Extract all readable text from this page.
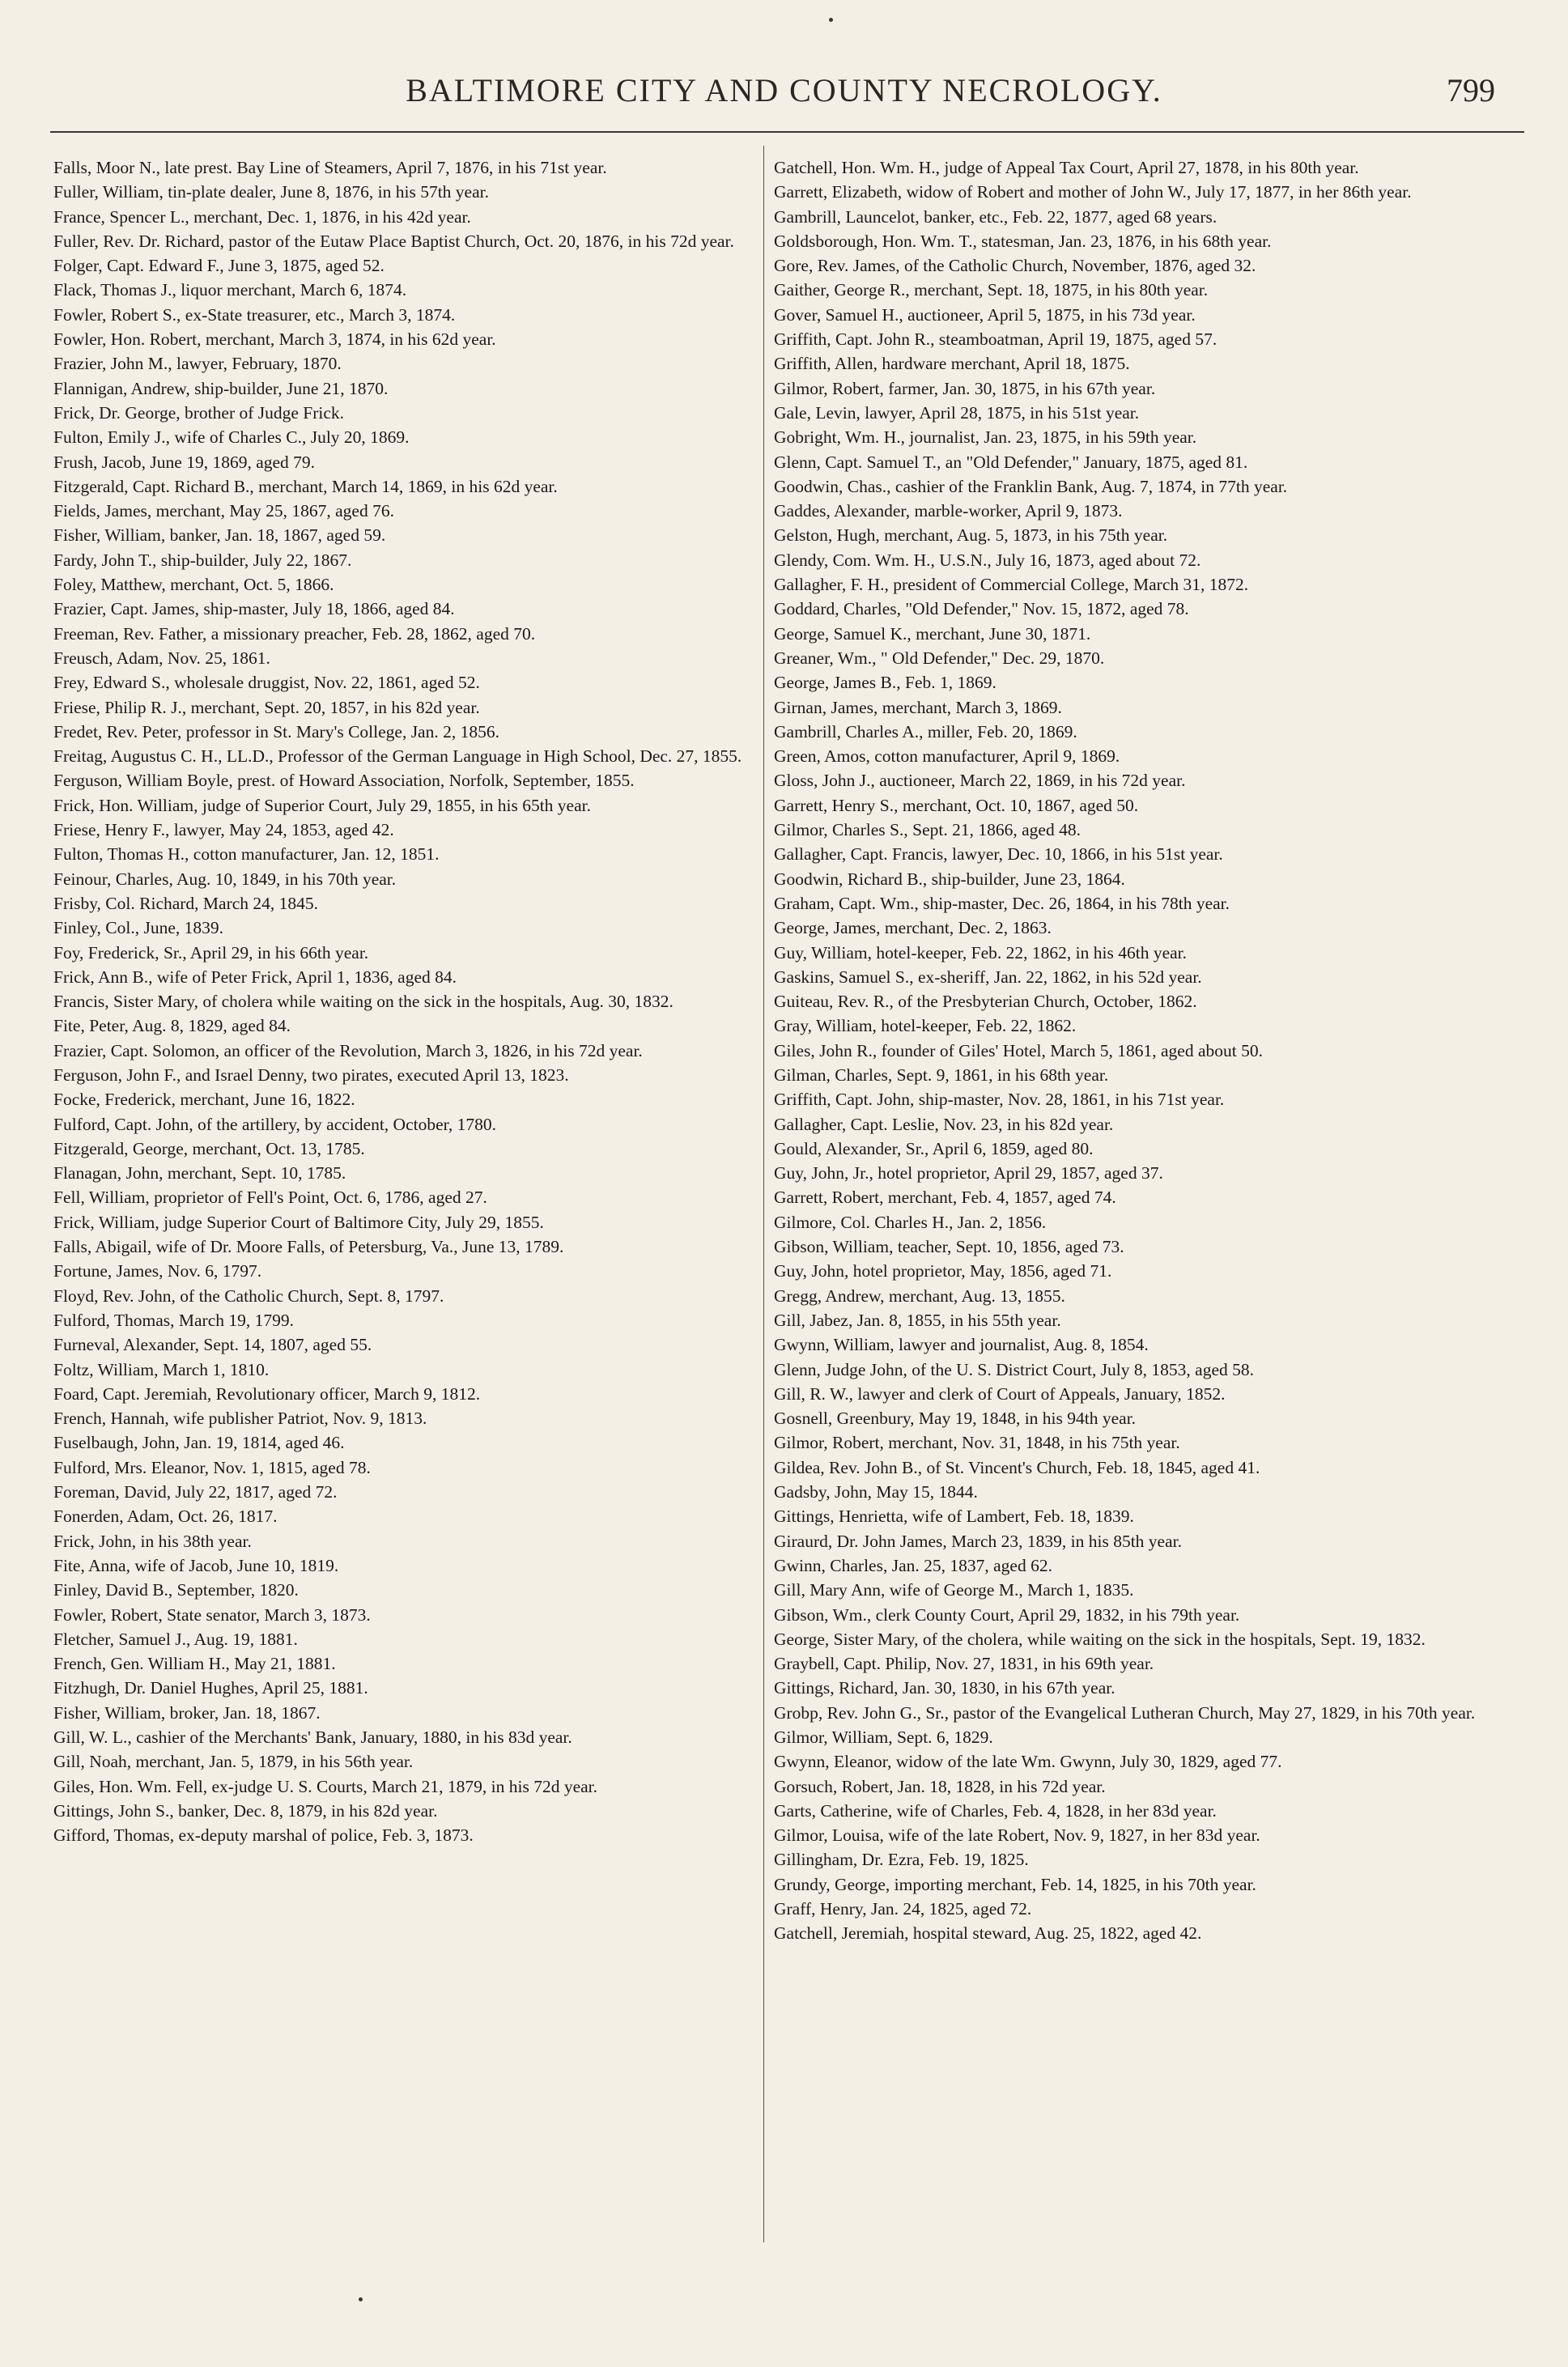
BALTIMORE CITY AND COUNTY NECROLOGY.	799

Falls, Moor N., late prest. Bay Line of Steamers, April 7, 1876, in his 71st year.

Fuller, William, tin-plate dealer, June 8, 1876, in his 57th year.

France, Spencer L., merchant, Dec. 1, 1876, in his 42d year.

Fuller, Rev. Dr. Richard, pastor of the Eutaw Place Baptist Church, Oct. 20, 1876, in his 72d year.

Folger, Capt. Edward F., June 3, 1875, aged 52.

Flack, Thomas J., liquor merchant, March 6, 1874.

Fowler, Robert S., ex-State treasurer, etc., March 3, 1874.

Fowler, Hon. Robert, merchant, March 3, 1874, in his 62d year.

Frazier, John M., lawyer, February, 1870.

Flannigan, Andrew, ship-builder, June 21, 1870.

Frick, Dr. George, brother of Judge Frick.

Fulton, Emily J., wife of Charles C., July 20, 1869.

Frush, Jacob, June 19, 1869, aged 79.

Fitzgerald, Capt. Richard B., merchant, March 14, 1869, in his 62d year.

Fields, James, merchant, May 25, 1867, aged 76.

Fisher, William, banker, Jan. 18, 1867, aged 59.

Fardy, John T., ship-builder, July 22, 1867.

Foley, Matthew, merchant, Oct. 5, 1866.

Frazier, Capt. James, ship-master, July 18, 1866, aged 84.

Freeman, Rev. Father, a missionary preacher, Feb. 28, 1862, aged 70.

Freusch, Adam, Nov. 25, 1861.

Frey, Edward S., wholesale druggist, Nov. 22, 1861, aged 52.

Friese, Philip R. J., merchant, Sept. 20, 1857, in his 82d year.

Fredet, Rev. Peter, professor in St. Mary's College, Jan. 2, 1856.

Freitag, Augustus C. H., LL.D., Professor of the German Language in High School, Dec. 27, 1855.

Ferguson, William Boyle, prest. of Howard Association, Norfolk, September, 1855.

Frick, Hon. William, judge of Superior Court, July 29, 1855, in his 65th year.

Friese, Henry F., lawyer, May 24, 1853, aged 42.

Fulton, Thomas H., cotton manufacturer, Jan. 12, 1851.

Feinour, Charles, Aug. 10, 1849, in his 70th year.

Frisby, Col. Richard, March 24, 1845.

Finley, Col., June, 1839.

Foy, Frederick, Sr., April 29, in his 66th year.

Frick, Ann B., wife of Peter Frick, April 1, 1836, aged 84.

Francis, Sister Mary, of cholera while waiting on the sick in the hospitals, Aug. 30, 1832.

Fite, Peter, Aug. 8, 1829, aged 84.

Frazier, Capt. Solomon, an officer of the Revolution, March 3, 1826, in his 72d year.

Ferguson, John F., and Israel Denny, two pirates, executed April 13, 1823.

Focke, Frederick, merchant, June 16, 1822.

Fulford, Capt. John, of the artillery, by accident, October, 1780.

Fitzgerald, George, merchant, Oct. 13, 1785.

Flanagan, John, merchant, Sept. 10, 1785.

Fell, William, proprietor of Fell's Point, Oct. 6, 1786, aged 27.

Frick, William, judge Superior Court of Baltimore City, July 29, 1855.

Falls, Abigail, wife of Dr. Moore Falls, of Petersburg, Va., June 13, 1789.

Fortune, James, Nov. 6, 1797.

Floyd, Rev. John, of the Catholic Church, Sept. 8, 1797.

Fulford, Thomas, March 19, 1799.

Furneval, Alexander, Sept. 14, 1807, aged 55.

Foltz, William, March 1, 1810.

Foard, Capt. Jeremiah, Revolutionary officer, March 9, 1812.

French, Hannah, wife publisher Patriot, Nov. 9, 1813.

Fuselbaugh, John, Jan. 19, 1814, aged 46.

Fulford, Mrs. Eleanor, Nov. 1, 1815, aged 78.

Foreman, David, July 22, 1817, aged 72.

Fonerden, Adam, Oct. 26, 1817.

Frick, John, in his 38th year.

Fite, Anna, wife of Jacob, June 10, 1819.

Finley, David B., September, 1820.

Fowler, Robert, State senator, March 3, 1873.

Fletcher, Samuel J., Aug. 19, 1881.

French, Gen. William H., May 21, 1881.

Fitzhugh, Dr. Daniel Hughes, April 25, 1881.

Fisher, William, broker, Jan. 18, 1867.

Gill, W. L., cashier of the Merchants' Bank, January, 1880, in his 83d year.

Gill, Noah, merchant, Jan. 5, 1879, in his 56th year.

Giles, Hon. Wm. Fell, ex-judge U. S. Courts, March 21, 1879, in his 72d year.

Gittings, John S., banker, Dec. 8, 1879, in his 82d year.

Gifford, Thomas, ex-deputy marshal of police, Feb. 3, 1873.

Gatchell, Hon. Wm. H., judge of Appeal Tax Court, April 27, 1878, in his 80th year.

Garrett, Elizabeth, widow of Robert and mother of John W., July 17, 1877, in her 86th year.

Gambrill, Launcelot, banker, etc., Feb. 22, 1877, aged 68 years.

Goldsborough, Hon. Wm. T., statesman, Jan. 23, 1876, in his 68th year.

Gore, Rev. James, of the Catholic Church, November, 1876, aged 32.

Gaither, George R., merchant, Sept. 18, 1875, in his 80th year.

Gover, Samuel H., auctioneer, April 5, 1875, in his 73d year.

Griffith, Capt. John R., steamboatman, April 19, 1875, aged 57.

Griffith, Allen, hardware merchant, April 18, 1875.

Gilmor, Robert, farmer, Jan. 30, 1875, in his 67th year.

Gale, Levin, lawyer, April 28, 1875, in his 51st year.

Gobright, Wm. H., journalist, Jan. 23, 1875, in his 59th year.

Glenn, Capt. Samuel T., an "Old Defender," January, 1875, aged 81.

Goodwin, Chas., cashier of the Franklin Bank, Aug. 7, 1874, in 77th year.

Gaddes, Alexander, marble-worker, April 9, 1873.

Gelston, Hugh, merchant, Aug. 5, 1873, in his 75th year.

Glendy, Com. Wm. H., U.S.N., July 16, 1873, aged about 72.

Gallagher, F. H., president of Commercial College, March 31, 1872.

Goddard, Charles, "Old Defender," Nov. 15, 1872, aged 78.

George, Samuel K., merchant, June 30, 1871.

Greaner, Wm., " Old Defender," Dec. 29, 1870.

George, James B., Feb. 1, 1869.

Girnan, James, merchant, March 3, 1869.

Gambrill, Charles A., miller, Feb. 20, 1869.

Green, Amos, cotton manufacturer, April 9, 1869.

Gloss, John J., auctioneer, March 22, 1869, in his 72d year.

Garrett, Henry S., merchant, Oct. 10, 1867, aged 50.

Gilmor, Charles S., Sept. 21, 1866, aged 48.

Gallagher, Capt. Francis, lawyer, Dec. 10, 1866, in his 51st year.

Goodwin, Richard B., ship-builder, June 23, 1864.

Graham, Capt. Wm., ship-master, Dec. 26, 1864, in his 78th year.

George, James, merchant, Dec. 2, 1863.

Guy, William, hotel-keeper, Feb. 22, 1862, in his 46th year.

Gaskins, Samuel S., ex-sheriff, Jan. 22, 1862, in his 52d year.

Guiteau, Rev. R., of the Presbyterian Church, October, 1862.

Gray, William, hotel-keeper, Feb. 22, 1862.

Giles, John R., founder of Giles' Hotel, March 5, 1861, aged about 50.

Gilman, Charles, Sept. 9, 1861, in his 68th year.

Griffith, Capt. John, ship-master, Nov. 28, 1861, in his 71st year.

Gallagher, Capt. Leslie, Nov. 23, in his 82d year.

Gould, Alexander, Sr., April 6, 1859, aged 80.

Guy, John, Jr., hotel proprietor, April 29, 1857, aged 37.

Garrett, Robert, merchant, Feb. 4, 1857, aged 74.

Gilmore, Col. Charles H., Jan. 2, 1856.

Gibson, William, teacher, Sept. 10, 1856, aged 73.

Guy, John, hotel proprietor, May, 1856, aged 71.

Gregg, Andrew, merchant, Aug. 13, 1855.

Gill, Jabez, Jan. 8, 1855, in his 55th year.

Gwynn, William, lawyer and journalist, Aug. 8, 1854.

Glenn, Judge John, of the U. S. District Court, July 8, 1853, aged 58.

Gill, R. W., lawyer and clerk of Court of Appeals, January, 1852.

Gosnell, Greenbury, May 19, 1848, in his 94th year.

Gilmor, Robert, merchant, Nov. 31, 1848, in his 75th year.

Gildea, Rev. John B., of St. Vincent's Church, Feb. 18, 1845, aged 41.

Gadsby, John, May 15, 1844.

Gittings, Henrietta, wife of Lambert, Feb. 18, 1839.

Giraurd, Dr. John James, March 23, 1839, in his 85th year.

Gwinn, Charles, Jan. 25, 1837, aged 62.

Gill, Mary Ann, wife of George M., March 1, 1835.

Gibson, Wm., clerk County Court, April 29, 1832, in his 79th year.

George, Sister Mary, of the cholera, while waiting on the sick in the hospitals, Sept. 19, 1832.

Graybell, Capt. Philip, Nov. 27, 1831, in his 69th year.

Gittings, Richard, Jan. 30, 1830, in his 67th year.

Grobp, Rev. John G., Sr., pastor of the Evangelical Lutheran Church, May 27, 1829, in his 70th year.

Gilmor, William, Sept. 6, 1829.

Gwynn, Eleanor, widow of the late Wm. Gwynn, July 30, 1829, aged 77.

Gorsuch, Robert, Jan. 18, 1828, in his 72d year.

Garts, Catherine, wife of Charles, Feb. 4, 1828, in her 83d year.

Gilmor, Louisa, wife of the late Robert, Nov. 9, 1827, in her 83d year.

Gillingham, Dr. Ezra, Feb. 19, 1825.

Grundy, George, importing merchant, Feb. 14, 1825, in his 70th year.

Graff, Henry, Jan. 24, 1825, aged 72.

Gatchell, Jeremiah, hospital steward, Aug. 25, 1822, aged 42.
